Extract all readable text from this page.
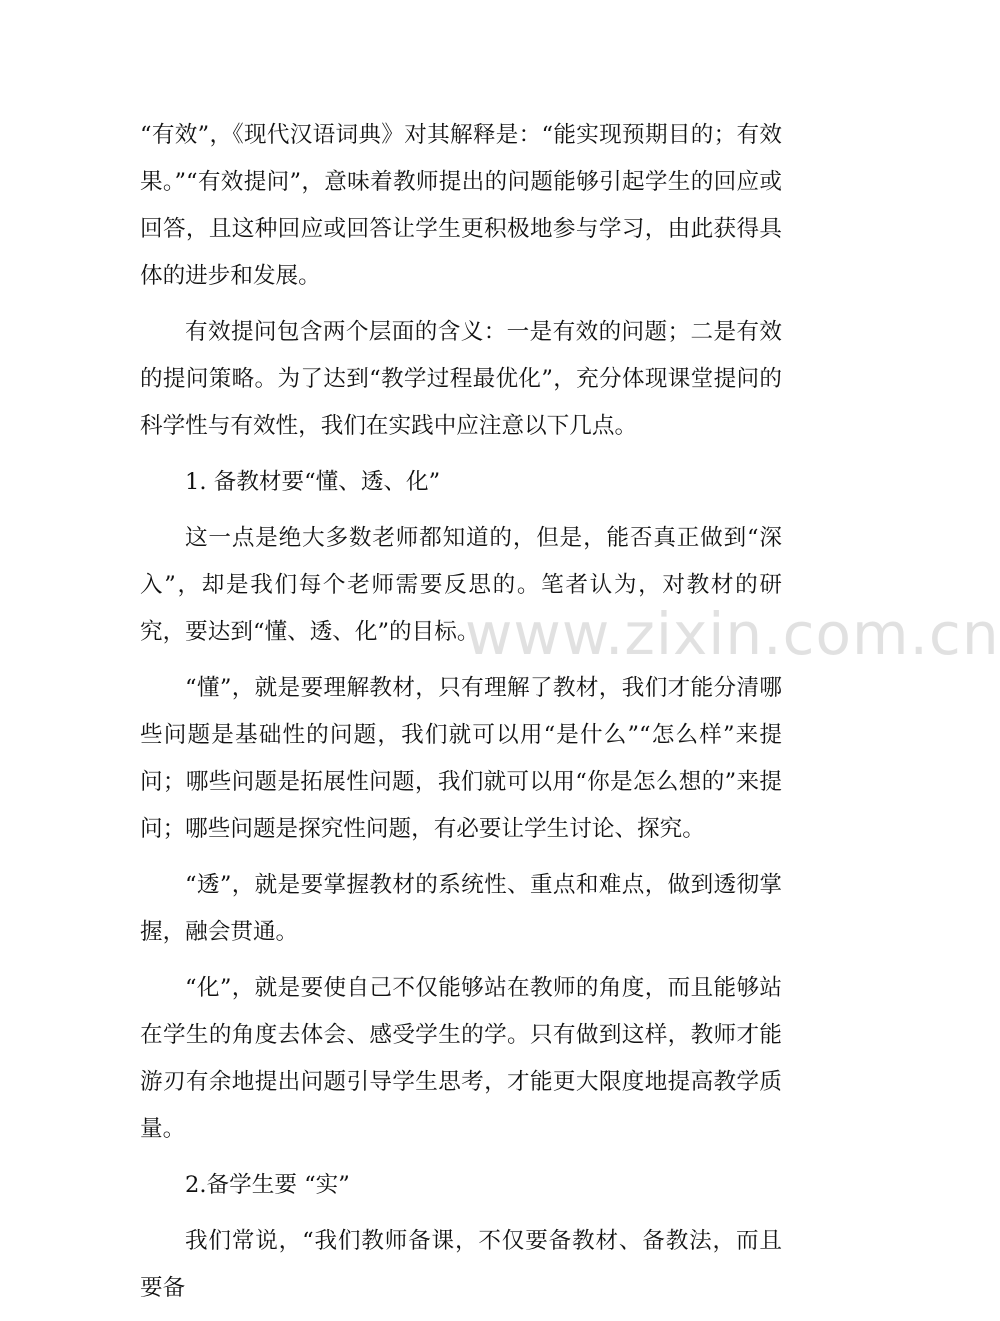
“有效”，《现代汉语词典》对其解释是：“能实现预期目的；有效果。”“有效提问”，意味着教师提出的问题能够引起学生的回应或回答，且这种回应或回答让学生更积极地参与学习，由此获得具体的进步和发展。

有效提问包含两个层面的含义：一是有效的问题；二是有效的提问策略。为了达到“教学过程最优化”，充分体现课堂提问的科学性与有效性，我们在实践中应注意以下几点。

1. 备教材要“懂、透、化”

这一点是绝大多数老师都知道的，但是，能否真正做到“深入”，却是我们每个老师需要反思的。笔者认为，对教材的研究，要达到“懂、透、化”的目标。

“懂”，就是要理解教材，只有理解了教材，我们才能分清哪些问题是基础性的问题，我们就可以用“是什么”“怎么样”来提问；哪些问题是拓展性问题，我们就可以用“你是怎么想的”来提问；哪些问题是探究性问题，有必要让学生讨论、探究。

“透”，就是要掌握教材的系统性、重点和难点，做到透彻掌握，融会贯通。

“化”，就是要使自己不仅能够站在教师的角度，而且能够站在学生的角度去体会、感受学生的学。只有做到这样，教师才能游刃有余地提出问题引导学生思考，才能更大限度地提高教学质量。

2.备学生要 “实”

我们常说，“我们教师备课，不仅要备教材、备教法，而且要备

www.zixin.com.cn
